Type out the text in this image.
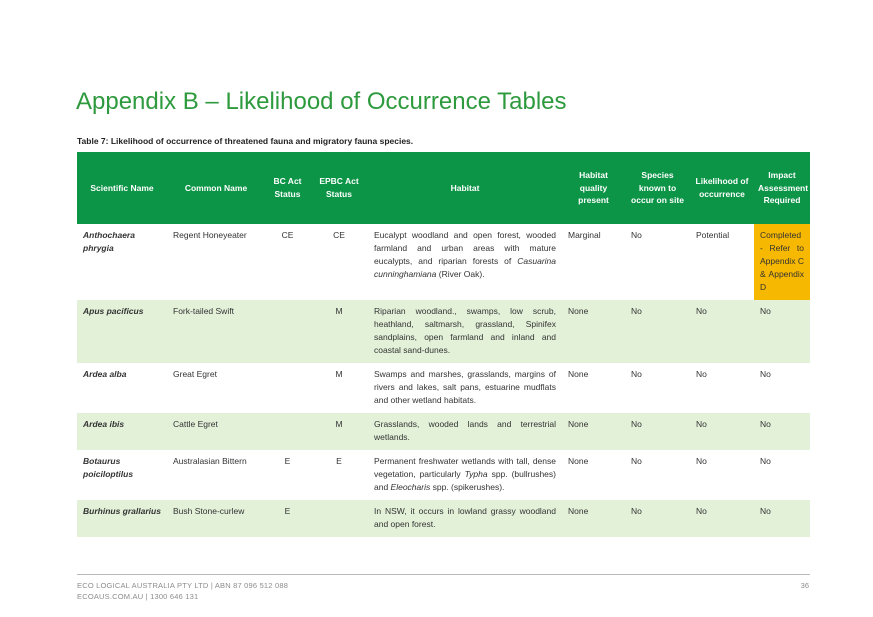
Appendix B – Likelihood of Occurrence Tables
Table 7: Likelihood of occurrence of threatened fauna and migratory fauna species.
Scientific Name	Common Name	BC Act Status	EPBC Act Status	Habitat	Habitat quality present	Species known to occur on site	Likelihood of occurrence	Impact Assessment Required
Anthochaera phrygia	Regent Honeyeater	CE	CE	Eucalypt woodland and open forest, wooded farmland and urban areas with mature eucalypts, and riparian forests of Casuarina cunninghamiana (River Oak).	Marginal	No	Potential	Completed - Refer to Appendix C & Appendix D
Apus pacificus	Fork-tailed Swift		M	Riparian woodland., swamps, low scrub, heathland, saltmarsh, grassland, Spinifex sandplains, open farmland and inland and coastal sand-dunes.	None	No	No	No
Ardea alba	Great Egret		M	Swamps and marshes, grasslands, margins of rivers and lakes, salt pans, estuarine mudflats and other wetland habitats.	None	No	No	No
Ardea ibis	Cattle Egret		M	Grasslands, wooded lands and terrestrial wetlands.	None	No	No	No
Botaurus poiciloptilus	Australasian Bittern	E	E	Permanent freshwater wetlands with tall, dense vegetation, particularly Typha spp. (bullrushes) and Eleocharis spp. (spikerushes).	None	No	No	No
Burhinus grallarius	Bush Stone-curlew	E		In NSW, it occurs in lowland grassy woodland and open forest.	None	No	No	No
ECO LOGICAL AUSTRALIA PTY LTD | ABN 87 096 512 088
ECOAUS.COM.AU | 1300 646 131
36
